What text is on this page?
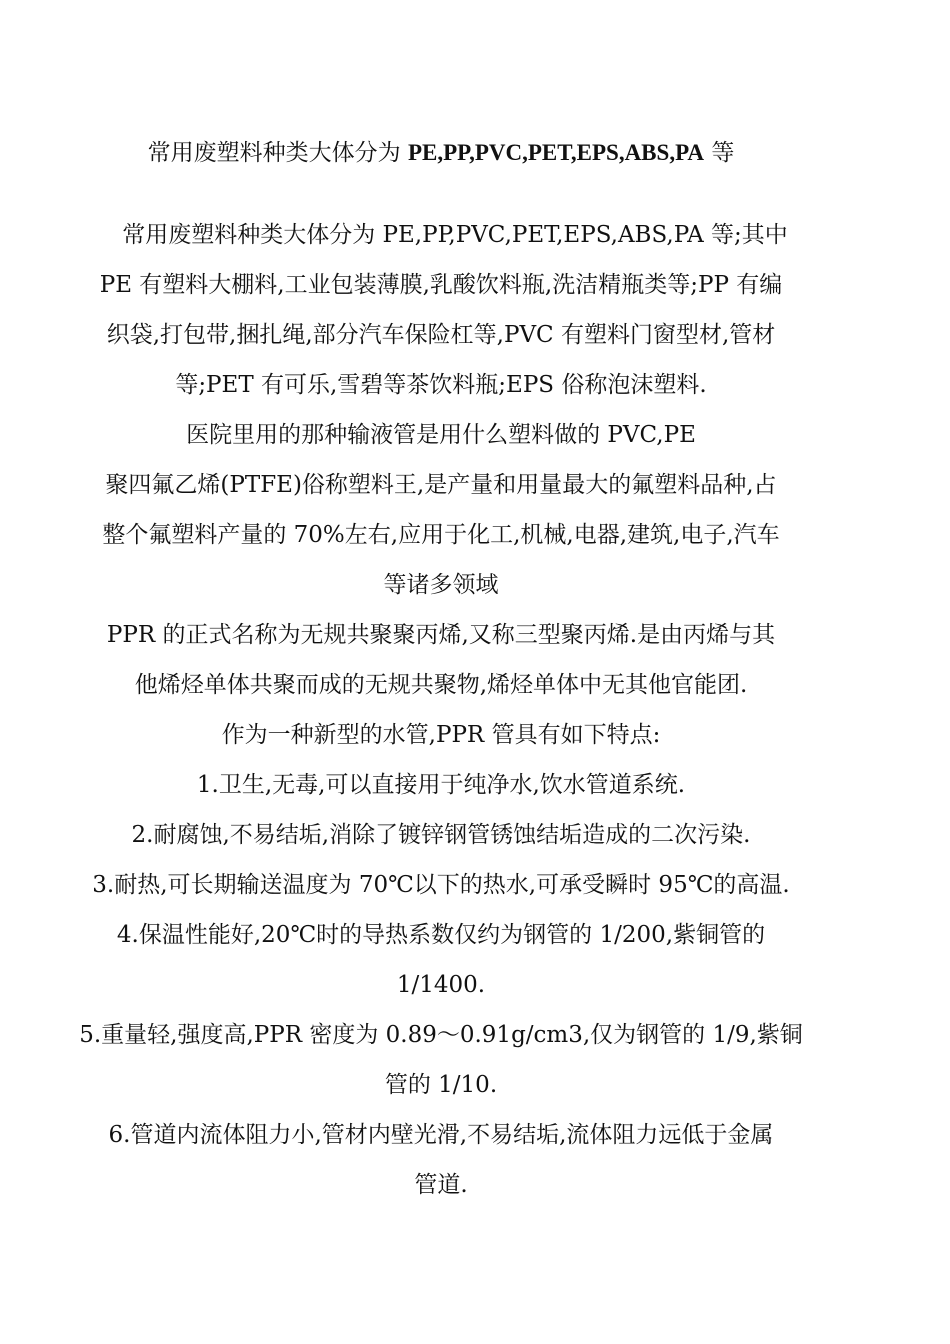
常用废塑料种类大体分为 PE,PP,PVC,PET,EPS,ABS,PA 等
常用废塑料种类大体分为 PE,PP,PVC,PET,EPS,ABS,PA 等;其中
PE 有塑料大棚料,工业包装薄膜,乳酸饮料瓶,洗洁精瓶类等;PP 有编
织袋,打包带,捆扎绳,部分汽车保险杠等,PVC 有塑料门窗型材,管材
等;PET 有可乐,雪碧等茶饮料瓶;EPS 俗称泡沫塑料.
医院里用的那种输液管是用什么塑料做的 PVC,PE
聚四氟乙烯(PTFE)俗称塑料王,是产量和用量最大的氟塑料品种,占
整个氟塑料产量的 70%左右,应用于化工,机械,电器,建筑,电子,汽车
等诸多领域
PPR 的正式名称为无规共聚聚丙烯,又称三型聚丙烯.是由丙烯与其
他烯烃单体共聚而成的无规共聚物,烯烃单体中无其他官能团.
作为一种新型的水管,PPR 管具有如下特点:
1.卫生,无毒,可以直接用于纯净水,饮水管道系统.
2.耐腐蚀,不易结垢,消除了镀锌钢管锈蚀结垢造成的二次污染.
3.耐热,可长期输送温度为 70℃以下的热水,可承受瞬时 95℃的高温.
4.保温性能好,20℃时的导热系数仅约为钢管的 1/200,紫铜管的
1/1400.
5.重量轻,强度高,PPR 密度为 0.89～0.91g/cm3,仅为钢管的 1/9,紫铜
管的 1/10.
6.管道内流体阻力小,管材内壁光滑,不易结垢,流体阻力远低于金属
管道.
